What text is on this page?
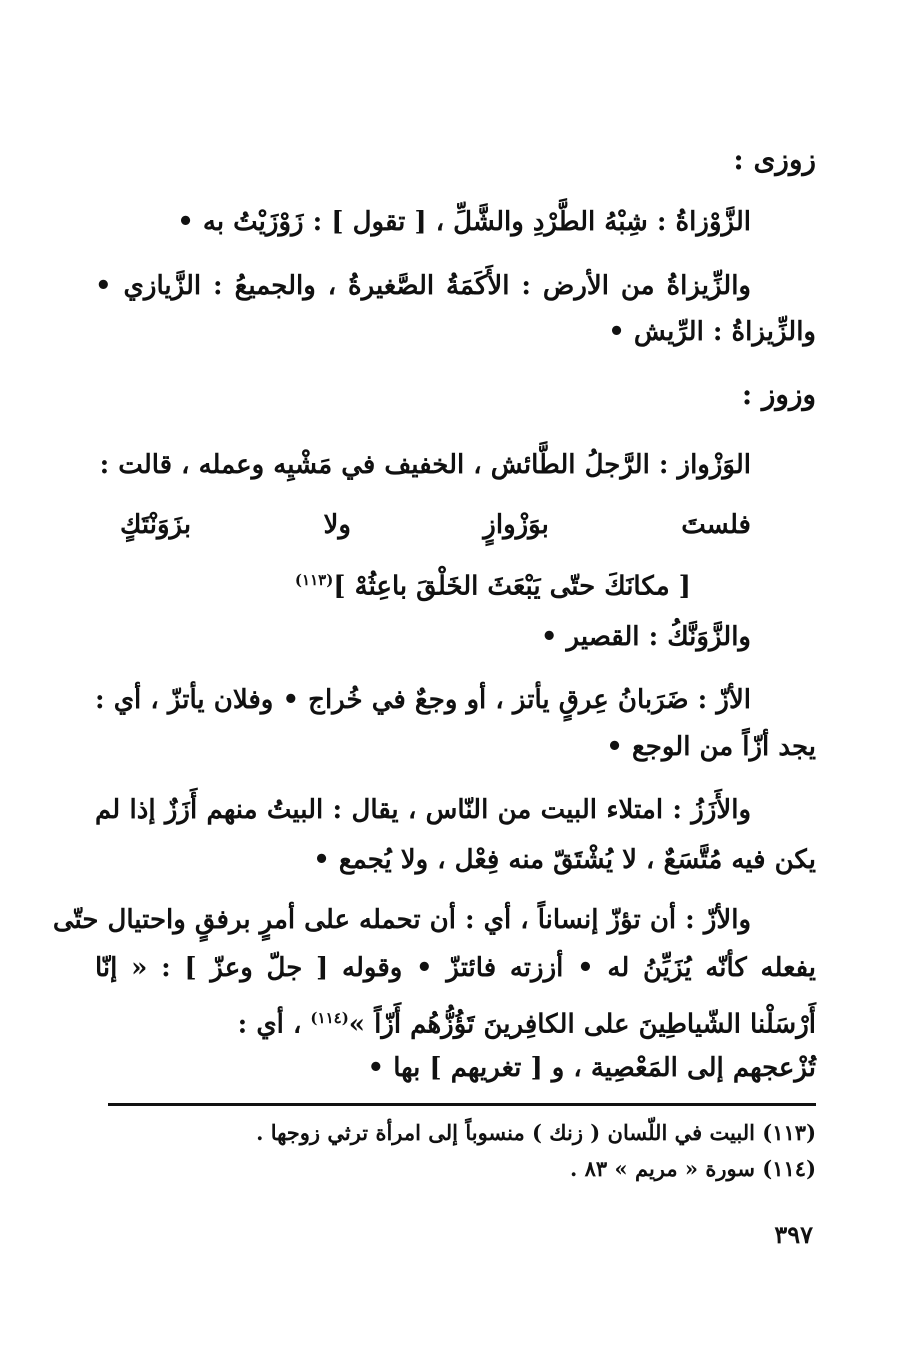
زوزى :
الزَّوْزاةُ : شِبْهُ الطَّرْدِ والشَّلِّ ، [ تقول ] : زَوْزَيْتُ به •
والزِّيزاةُ من الأرض : الأَكَمَةُ الصَّغيرةُ ، والجميعُ : الزَّيازي •
والزِّيزاةُ : الرِّيش •
وزوز :
الوَزْواز : الرَّجلُ الطَّائش ، الخفيف في مَشْيِه وعمله ، قالت :
فلستَ بوَزْوازٍ ولا بزَوَنْتَكٍ
[ مكانَكَ حتّى يَبْعَثَ الخَلْقَ باعِثُهْ ]$^{(١١٣)}$
والزَّوَنَّكُ : القصير •
الأزّ : ضَرَبانُ عِرقٍ يأتز ، أو وجعٌ في خُراج • وفلان يأتزّ ، أي :
يجد أزّاً من الوجع •
والأَزَزُ : امتلاء البيت من النّاس ، يقال : البيتُ منهم أَزَزٌ إذا لم
يكن فيه مُتَّسَعٌ ، لا يُشْتَقّ منه فِعْل ، ولا يُجمع •
والأزّ : أن تؤزّ إنساناً ، أي : أن تحمله على أمرٍ برفقٍ واحتيال حتّى
يفعله كأنّه يُزَيِّنُ له • أززته فائتزّ • وقوله [ جلّ وعزّ ] : « إنّا
أَرْسَلْنا الشّياطِينَ على الكافِرينَ تَؤُزُّهُم أَزّاً »$^{(١١٤)}$ ، أي :
تُزْعجهم إلى المَعْصِية ، و [ تغريهم ] بها •
(١١٣) البيت في اللّسان ( زنك ) منسوباً إلى امرأة ترثي زوجها .
(١١٤) سورة « مريم » ٨٣ .
٣٩٧
